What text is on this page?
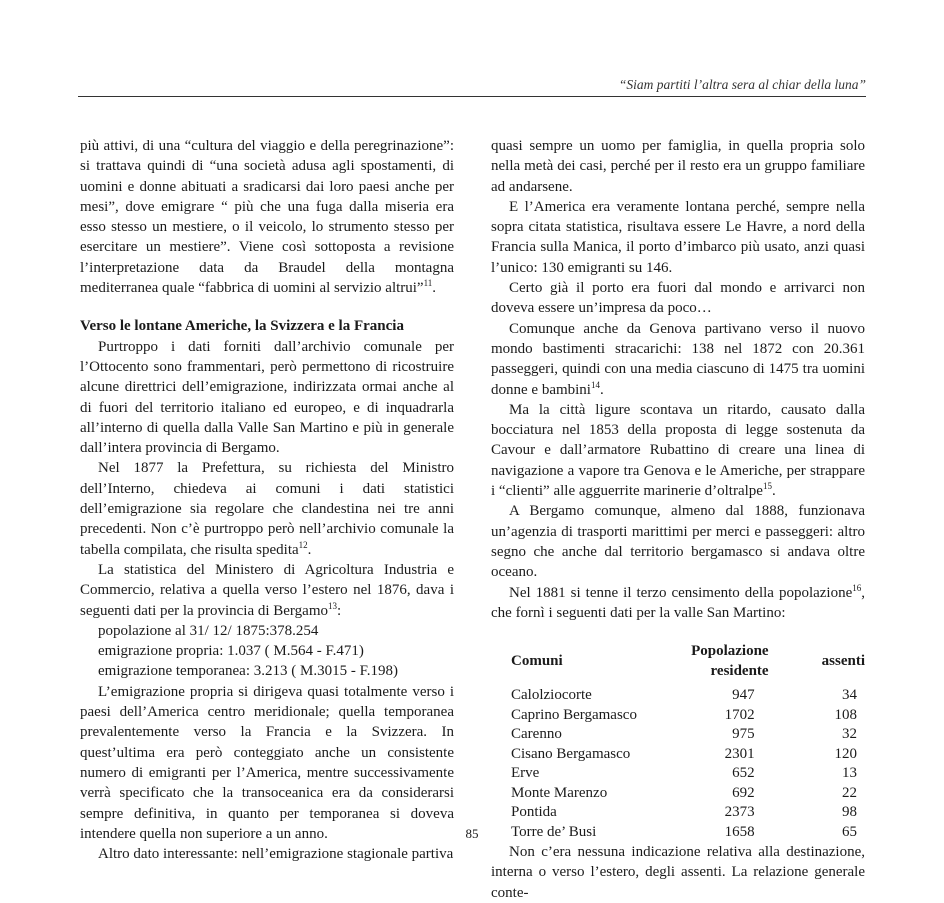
“Siam partiti l’altra sera al chiar della luna”

più attivi, di una “cultura del viaggio e della peregrinazione”: si trattava quindi di “una società adusa agli spostamenti, di uomini e donne abituati a sradicarsi dai loro paesi anche per mesi”, dove emigrare “ più che una fuga dalla miseria era esso stesso un mestiere, o il veicolo, lo strumento stesso per esercitare un mestiere”. Viene così sottoposta a revisione l’interpretazione data da Braudel della montagna mediterranea quale “fabbrica di uomini al servizio altrui”$^{11}$.

Verso le lontane Americhe, la Svizzera e la Francia

Purtroppo i dati forniti dall’archivio comunale per l’Ottocento sono frammentari, però permettono di ricostruire alcune direttrici dell’emigrazione, indirizzata ormai anche al di fuori del territorio italiano ed europeo, e di inquadrarla all’interno di quella dalla Valle San Martino e più in generale dall’intera provincia di Bergamo.

Nel 1877 la Prefettura, su richiesta del Ministro dell’Interno, chiedeva ai comuni i dati statistici dell’emigrazione sia regolare che clandestina nei tre anni precedenti. Non c’è purtroppo però nell’archivio comunale la tabella compilata, che risulta spedita$^{12}$.

La statistica del Ministero di Agricoltura Industria e Commercio, relativa a quella verso l’estero nel 1876, dava i seguenti dati per la provincia di Bergamo$^{13}$:

popolazione al 31/ 12/ 1875:378.254

emigrazione propria: 1.037 ( M.564 - F.471)

emigrazione temporanea: 3.213 ( M.3015 - F.198)

L’emigrazione propria si dirigeva quasi totalmente verso i paesi dell’America centro meridionale; quella temporanea prevalentemente verso la Francia e la Svizzera. In quest’ultima era però conteggiato anche un consistente numero di emigranti per l’America, mentre successivamente verrà specificato che la transoceanica era da considerarsi sempre definitiva, in quanto per temporanea si doveva intendere quella non superiore a un anno.

Altro dato interessante: nell’emigrazione stagionale partiva

quasi sempre un uomo per famiglia, in quella propria solo nella metà dei casi, perché per il resto era un gruppo familiare ad andarsene.

E l’America era veramente lontana perché, sempre nella sopra citata statistica, risultava essere Le Havre, a nord della Francia sulla Manica, il porto d’imbarco più usato, anzi quasi l’unico: 130 emigranti su 146.

Certo già il porto era fuori dal mondo e arrivarci non doveva essere un’impresa da poco…

Comunque anche da Genova partivano verso il nuovo mondo bastimenti stracarichi: 138 nel 1872 con 20.361 passeggeri, quindi con una media ciascuno di 1475 tra uomini donne e bambini$^{14}$.

Ma la città ligure scontava un ritardo, causato dalla bocciatura nel 1853 della proposta di legge sostenuta da Cavour e dall’armatore Rubattino di creare una linea di navigazione a vapore tra Genova e le Americhe, per strappare i “clienti” alle agguerrite marinerie d’oltralpe$^{15}$.

A Bergamo comunque, almeno dal 1888, funzionava un’agenzia di trasporti marittimi per merci e passeggeri: altro segno che anche dal territorio bergamasco si andava oltre oceano.

Nel 1881 si tenne il terzo censimento della popolazione$^{16}$, che fornì i seguenti dati per la valle San Martino:

Comuni	Popolazione residente	assenti
Calolziocorte	947	34
Caprino Bergamasco	1702	108
Carenno	975	32
Cisano Bergamasco	2301	120
Erve	652	13
Monte Marenzo	692	22
Pontida	2373	98
Torre de’ Busi	1658	65

Non c’era nessuna indicazione relativa alla destinazione, interna o verso l’estero, degli assenti. La relazione generale conte-

85
